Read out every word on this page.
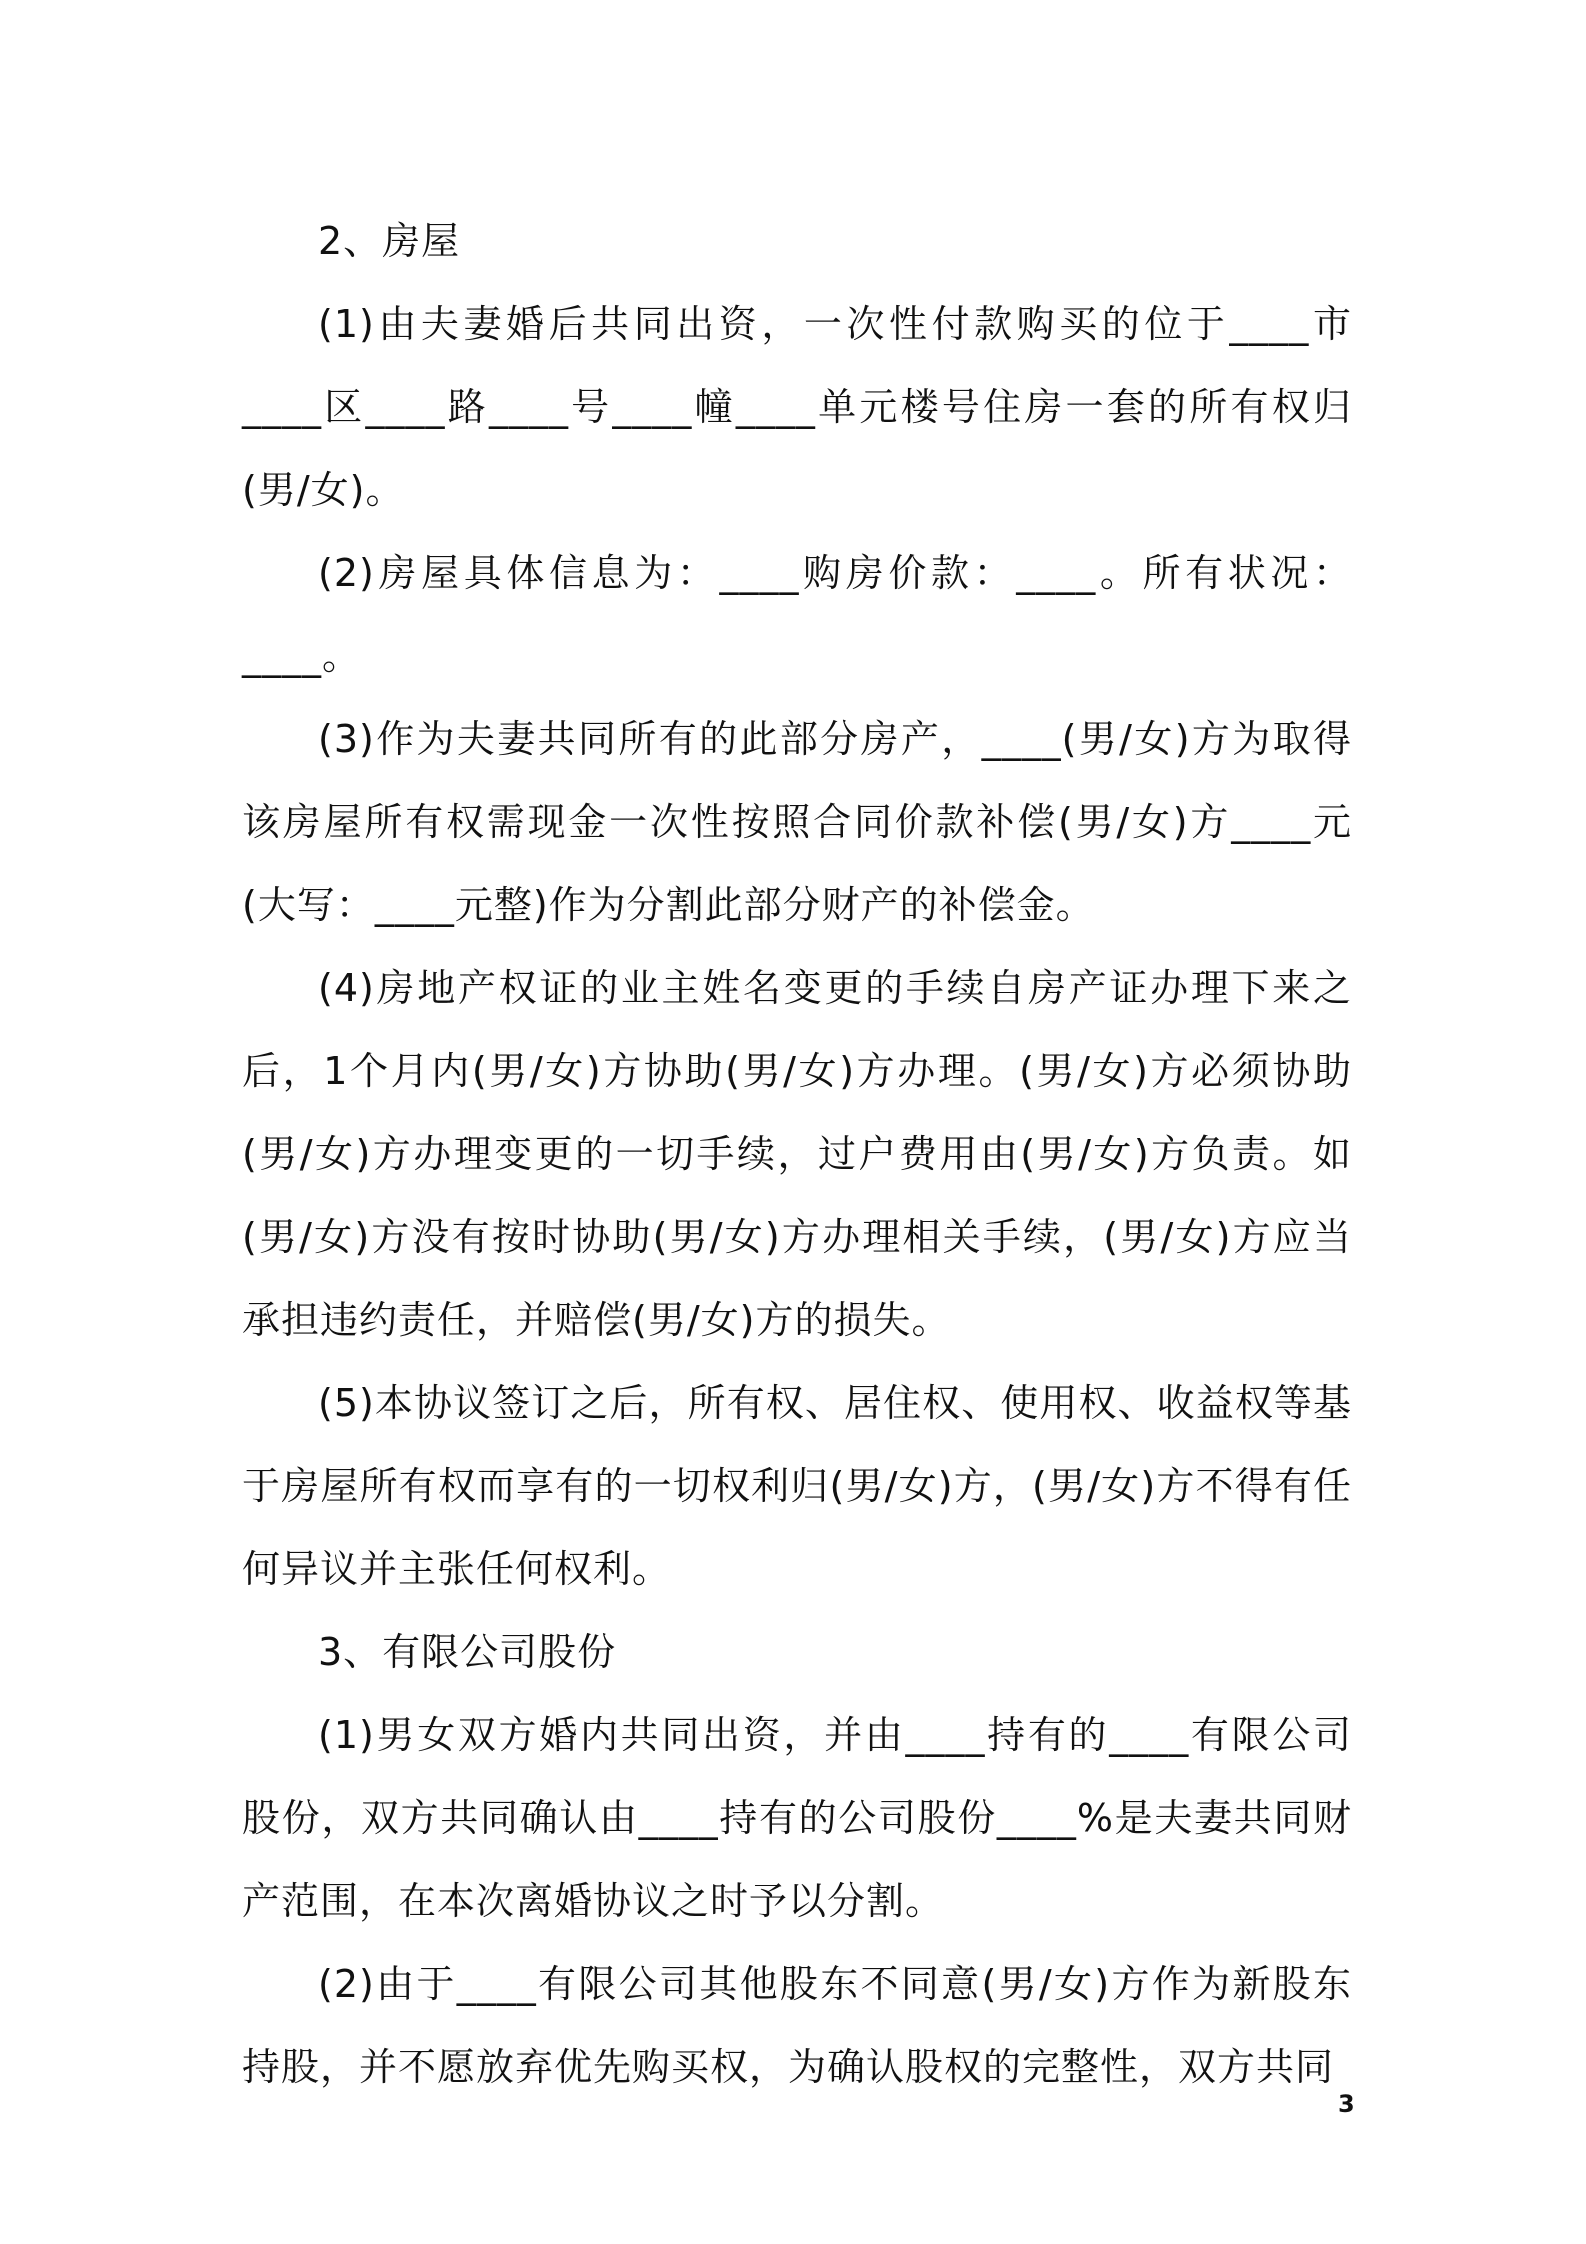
2、房屋

(1)由夫妻婚后共同出资，一次性付款购买的位于____市____区____路____号____幢____单元楼号住房一套的所有权归(男/女)。

(2)房屋具体信息为：____购房价款：____。所有状况：____。

(3)作为夫妻共同所有的此部分房产，____(男/女)方为取得该房屋所有权需现金一次性按照合同价款补偿(男/女)方____元(大写：____元整)作为分割此部分财产的补偿金。

(4)房地产权证的业主姓名变更的手续自房产证办理下来之后，1个月内(男/女)方协助(男/女)方办理。(男/女)方必须协助(男/女)方办理变更的一切手续，过户费用由(男/女)方负责。如(男/女)方没有按时协助(男/女)方办理相关手续，(男/女)方应当承担违约责任，并赔偿(男/女)方的损失。

(5)本协议签订之后，所有权、居住权、使用权、收益权等基于房屋所有权而享有的一切权利归(男/女)方，(男/女)方不得有任何异议并主张任何权利。

3、有限公司股份

(1)男女双方婚内共同出资，并由____持有的____有限公司股份，双方共同确认由____持有的公司股份____%是夫妻共同财产范围，在本次离婚协议之时予以分割。

(2)由于____有限公司其他股东不同意(男/女)方作为新股东持股，并不愿放弃优先购买权，为确认股权的完整性，双方共同

3
